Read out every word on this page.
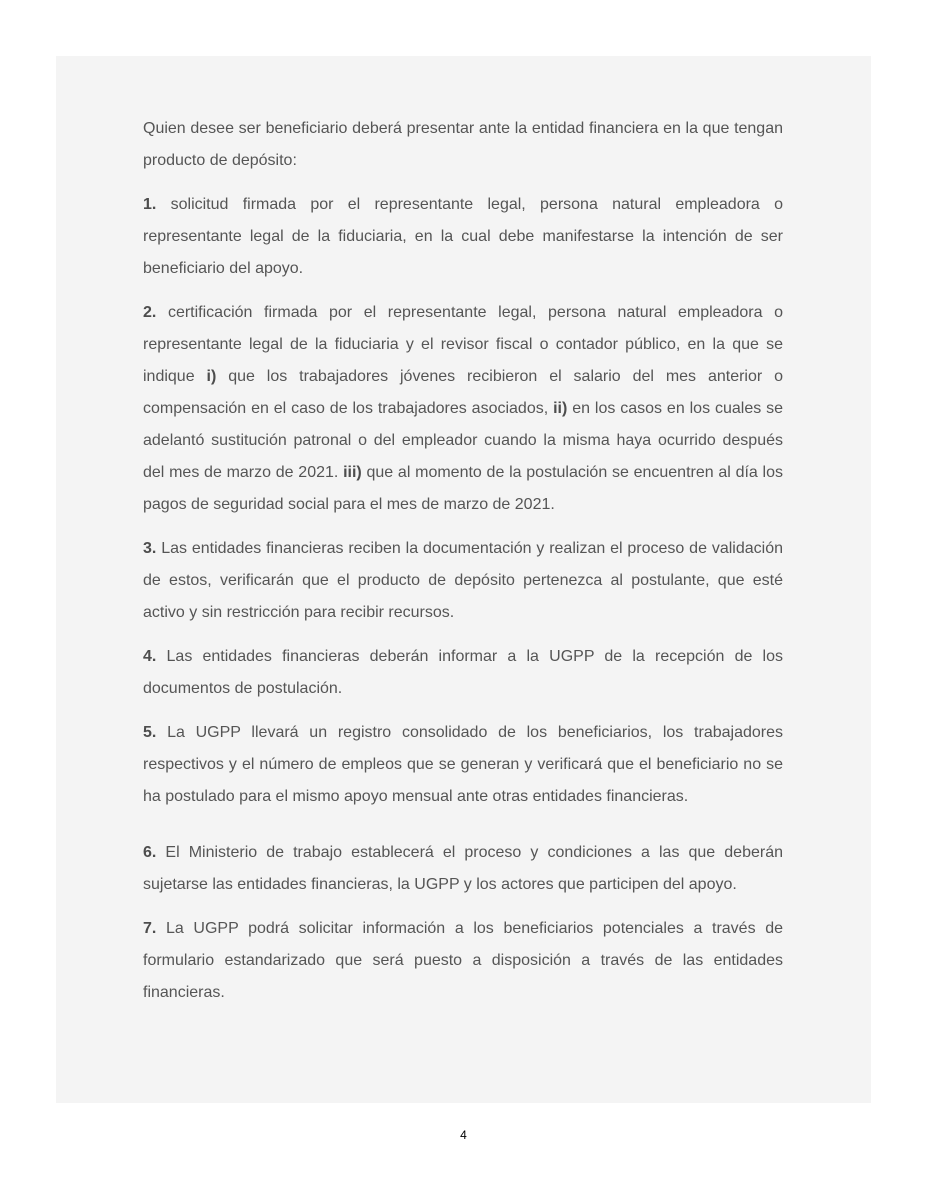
Quien desee ser beneficiario deberá presentar ante la entidad financiera en la que tengan producto de depósito:

1. solicitud firmada por el representante legal, persona natural empleadora o representante legal de la fiduciaria, en la cual debe manifestarse la intención de ser beneficiario del apoyo.

2. certificación firmada por el representante legal, persona natural empleadora o representante legal de la fiduciaria y el revisor fiscal o contador público, en la que se indique i) que los trabajadores jóvenes recibieron el salario del mes anterior o compensación en el caso de los trabajadores asociados, ii) en los casos en los cuales se adelantó sustitución patronal o del empleador cuando la misma haya ocurrido después del mes de marzo de 2021. iii) que al momento de la postulación se encuentren al día los pagos de seguridad social para el mes de marzo de 2021.

3. Las entidades financieras reciben la documentación y realizan el proceso de validación de estos, verificarán que el producto de depósito pertenezca al postulante, que esté activo y sin restricción para recibir recursos.

4. Las entidades financieras deberán informar a la UGPP de la recepción de los documentos de postulación.

5. La UGPP llevará un registro consolidado de los beneficiarios, los trabajadores respectivos y el número de empleos que se generan y verificará que el beneficiario no se ha postulado para el mismo apoyo mensual ante otras entidades financieras.

6. El Ministerio de trabajo establecerá el proceso y condiciones a las que deberán sujetarse las entidades financieras, la UGPP y los actores que participen del apoyo.

7. La UGPP podrá solicitar información a los beneficiarios potenciales a través de formulario estandarizado que será puesto a disposición a través de las entidades financieras.

4
